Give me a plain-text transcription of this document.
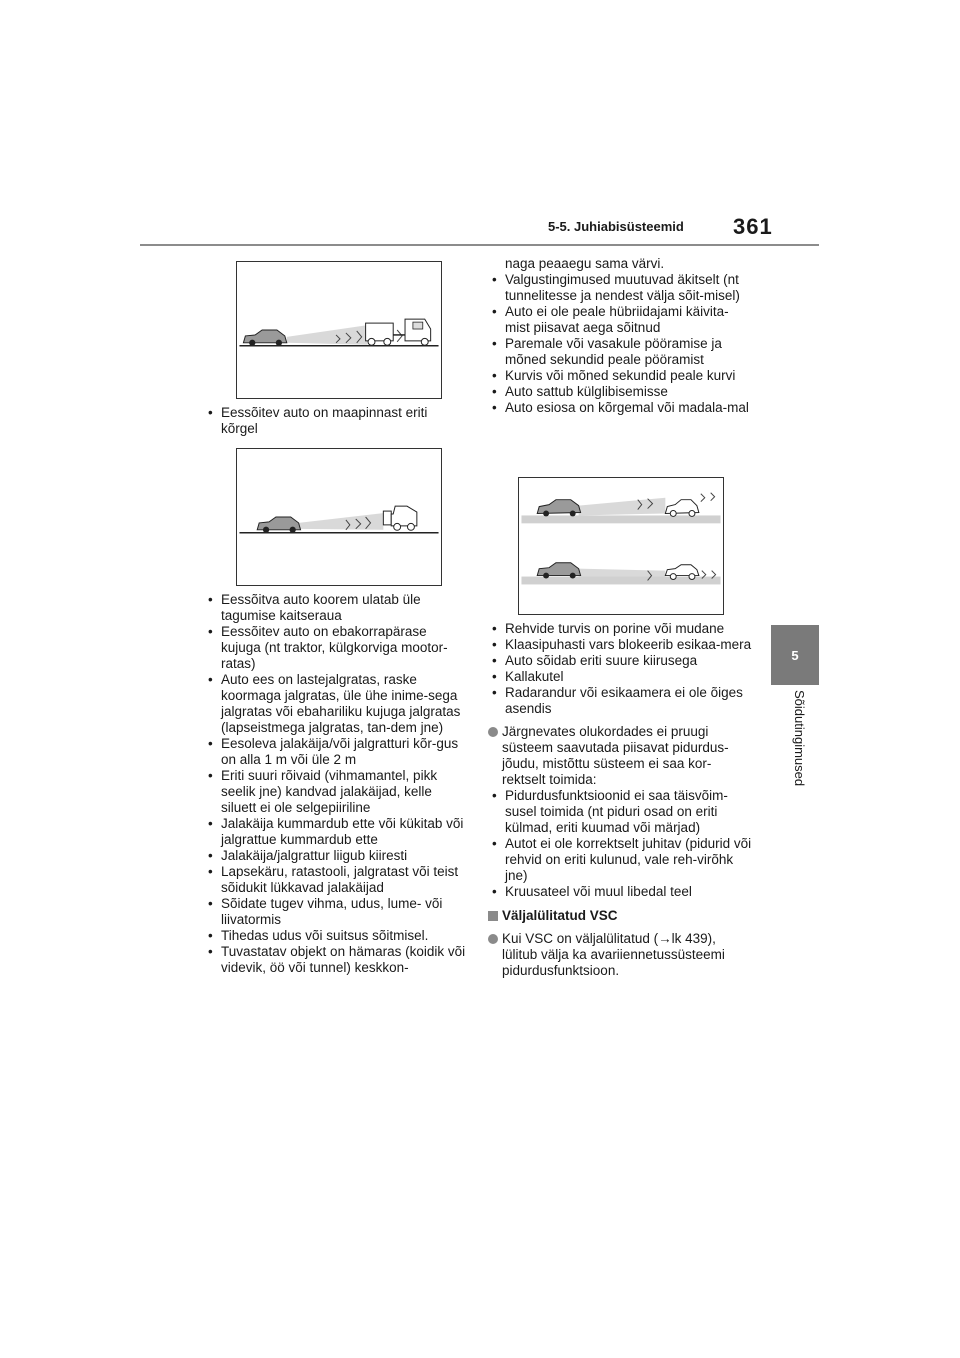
5-5. Juhiabisüsteemid 361
5
Sõidutingimused
• Eessõitev auto on maapinnast eriti kõrgel
• Eessõitva auto koorem ulatab üle tagumise kaitseraua
• Eessõitev auto on ebakorrapärase kujuga (nt traktor, külgkorviga mootor-ratas)
• Auto ees on lastejalgratas, raske koormaga jalgratas, üle ühe inime-sega jalgratas või ebahariliku kujuga jalgratas (lapseistmega jalgratas, tan-dem jne)
• Eesoleva jalakäija/või jalgratturi kõr-gus on alla 1 m või üle 2 m
• Eriti suuri rõivaid (vihmamantel, pikk seelik jne) kandvad jalakäijad, kelle siluett ei ole selgepiiriline
• Jalakäija kummardub ette või kükitab või jalgrattue kummardub ette
• Jalakäija/jalgrattur liigub kiiresti
• Lapsekäru, ratastooli, jalgratast või teist sõidukit lükkavad jalakäijad
• Sõidate tugev vihma, udus, lume- või liivatormis
• Tihedas udus või suitsus sõitmisel.
• Tuvastatav objekt on hämaras (koidik või videvik, öö või tunnel) keskkon-
naga peaaegu sama värvi.
• Valgustingimused muutuvad äkitselt (nt tunnelitesse ja nendest välja sõit-misel)
• Auto ei ole peale hübriidajami käivita-mist piisavat aega sõitnud
• Paremale või vasakule pööramise ja mõned sekundid peale pööramist
• Kurvis või mõned sekundid peale kurvi
• Auto sattub külglibisemisse
• Auto esiosa on kõrgemal või madala-mal
• Rehvide turvis on porine või mudane
• Klaasipuhasti vars blokeerib esikaa-mera
• Auto sõidab eriti suure kiirusega
• Kallakutel
• Radarandur või esikaamera ei ole õiges asendis
Järgnevates olukordades ei pruugi süsteem saavutada piisavat pidurdus-jõudu, mistõttu süsteem ei saa kor-rektselt toimida:
• Pidurdusfunktsioonid ei saa täisvõim-susel toimida (nt piduri osad on eriti külmad, eriti kuumad või märjad)
• Autot ei ole korrektselt juhitav (pidurid või rehvid on eriti kulunud, vale reh-virõhk jne)
• Kruusateel või muul libedal teel
Väljalülitatud VSC
Kui VSC on väljalülitatud (→lk 439), lülitub välja ka avariiennetussüsteemi pidurdusfunktsioon.
